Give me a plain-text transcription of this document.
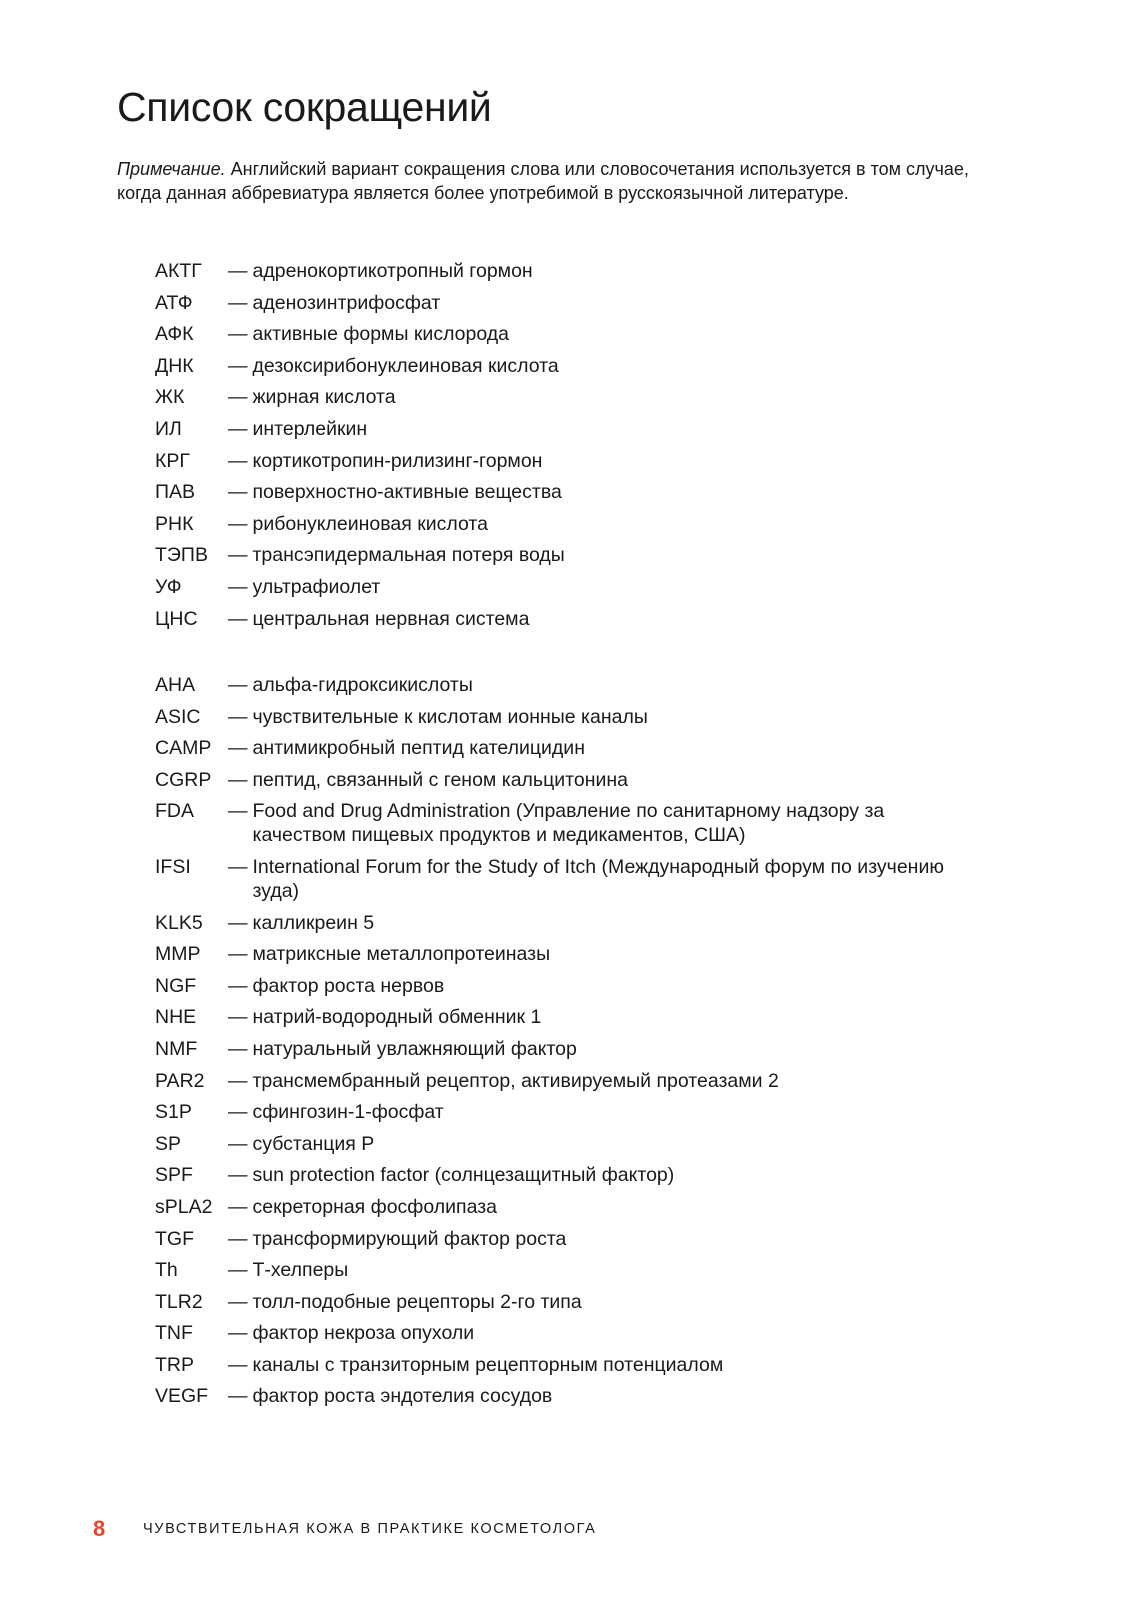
Список сокращений

Примечание. Английский вариант сокращения слова или словосочетания используется в том случае, когда данная аббревиатура является более употребимой в русскоязычной литературе.

АКТГ	— адренокортикотропный гормон
АТФ	— аденозинтрифосфат
АФК	— активные формы кислорода
ДНК	— дезоксирибонуклеиновая кислота
ЖК	— жирная кислота
ИЛ	— интерлейкин
КРГ	— кортикотропин-рилизинг-гормон
ПАВ	— поверхностно-активные вещества
РНК	— рибонуклеиновая кислота
ТЭПВ	— трансэпидермальная потеря воды
УФ	— ультрафиолет
ЦНС	— центральная нервная система
AHA	— альфа-гидроксикислоты
ASIC	— чувствительные к кислотам ионные каналы
CAMP — антимикробный пептид кателицидин
CGRP — пептид, связанный с геном кальцитонина
FDA	— Food and Drug Administration (Управление по санитарному надзору за качеством пищевых продуктов и медикаментов, США)
IFSI	— International Forum for the Study of Itch (Международный форум по изучению зуда)
KLK5	— калликреин 5
MMP	— матриксные металлопротеиназы
NGF	— фактор роста нервов
NHE	— натрий-водородный обменник 1
NMF	— натуральный увлажняющий фактор
PAR2	— трансмембранный рецептор, активируемый протеазами 2
S1P	— сфингозин-1-фосфат
SP	— субстанция Р
SPF	— sun protection factor (солнцезащитный фактор)
sPLA2 — секреторная фосфолипаза
TGF	— трансформирующий фактор роста
Th	— Т-хелперы
TLR2	— толл-подобные рецепторы 2-го типа
TNF	— фактор некроза опухоли
TRP	— каналы с транзиторным рецепторным потенциалом
VEGF	— фактор роста эндотелия сосудов
8	ЧУВСТВИТЕЛЬНАЯ КОЖА В ПРАКТИКЕ КОСМЕТОЛОГА
